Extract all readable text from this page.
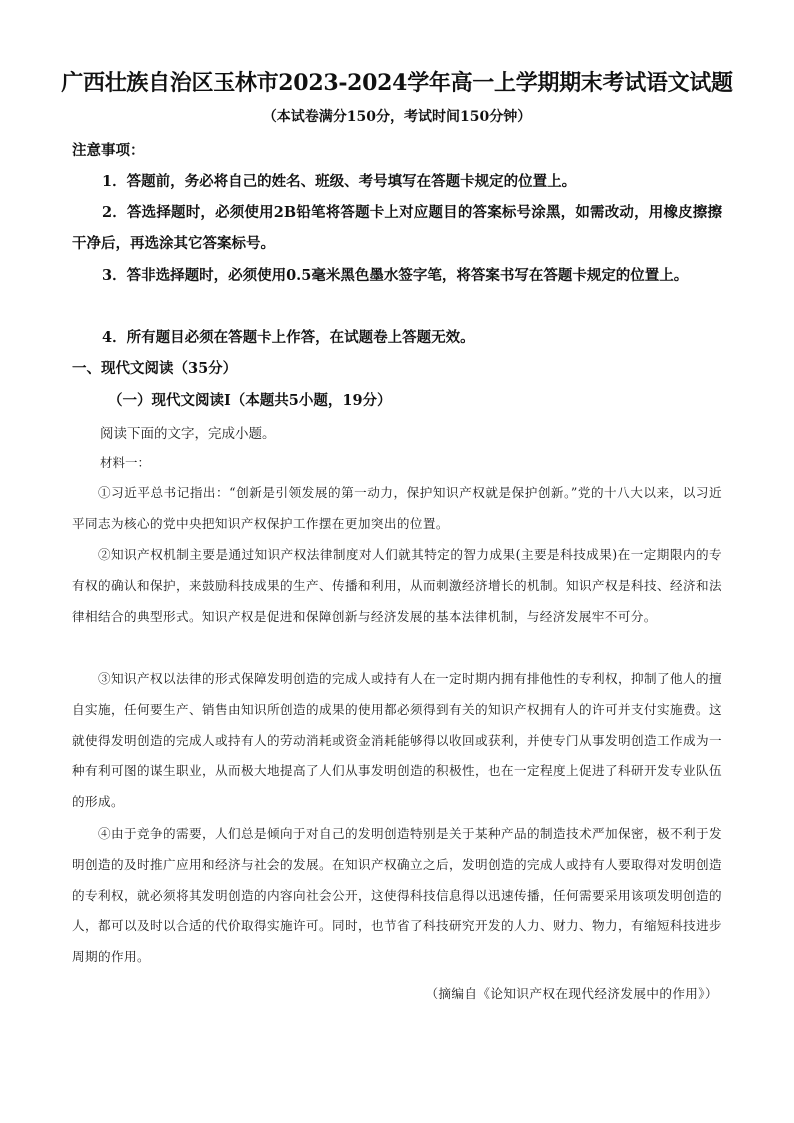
广西壮族自治区玉林市2023-2024学年高一上学期期末考试语文试题
（本试卷满分150分，考试时间150分钟）
注意事项：
1．答题前，务必将自己的姓名、班级、考号填写在答题卡规定的位置上。
2．答选择题时，必须使用2B铅笔将答题卡上对应题目的答案标号涂黑，如需改动，用橡皮擦擦干净后，再选涂其它答案标号。
3．答非选择题时，必须使用0.5毫米黑色墨水签字笔，将答案书写在答题卡规定的位置上。
4．所有题目必须在答题卡上作答，在试题卷上答题无效。
一、现代文阅读（35分）
（一）现代文阅读Ⅰ（本题共5小题，19分）
阅读下面的文字，完成小题。
材料一：
①习近平总书记指出：“创新是引领发展的第一动力，保护知识产权就是保护创新。”党的十八大以来，以习近平同志为核心的党中央把知识产权保护工作摆在更加突出的位置。
②知识产权机制主要是通过知识产权法律制度对人们就其特定的智力成果(主要是科技成果)在一定期限内的专有权的确认和保护，来鼓励科技成果的生产、传播和利用，从而刺激经济增长的机制。知识产权是科技、经济和法律相结合的典型形式。知识产权是促进和保障创新与经济发展的基本法律机制，与经济发展牢不可分。
③知识产权以法律的形式保障发明创造的完成人或持有人在一定时期内拥有排他性的专利权，抑制了他人的擅自实施，任何要生产、销售由知识所创造的成果的使用都必须得到有关的知识产权拥有人的许可并支付实施费。这就使得发明创造的完成人或持有人的劳动消耗或资金消耗能够得以收回或获利，并使专门从事发明创造工作成为一种有利可图的谋生职业，从而极大地提高了人们从事发明创造的积极性，也在一定程度上促进了科研开发专业队伍的形成。
④由于竞争的需要，人们总是倾向于对自己的发明创造特别是关于某种产品的制造技术严加保密，极不利于发明创造的及时推广应用和经济与社会的发展。在知识产权确立之后，发明创造的完成人或持有人要取得对发明创造的专利权，就必须将其发明创造的内容向社会公开，这使得科技信息得以迅速传播，任何需要采用该项发明创造的人，都可以及时以合适的代价取得实施许可。同时，也节省了科技研究开发的人力、财力、物力，有缩短科技进步周期的作用。
（摘编自《论知识产权在现代经济发展中的作用》）
